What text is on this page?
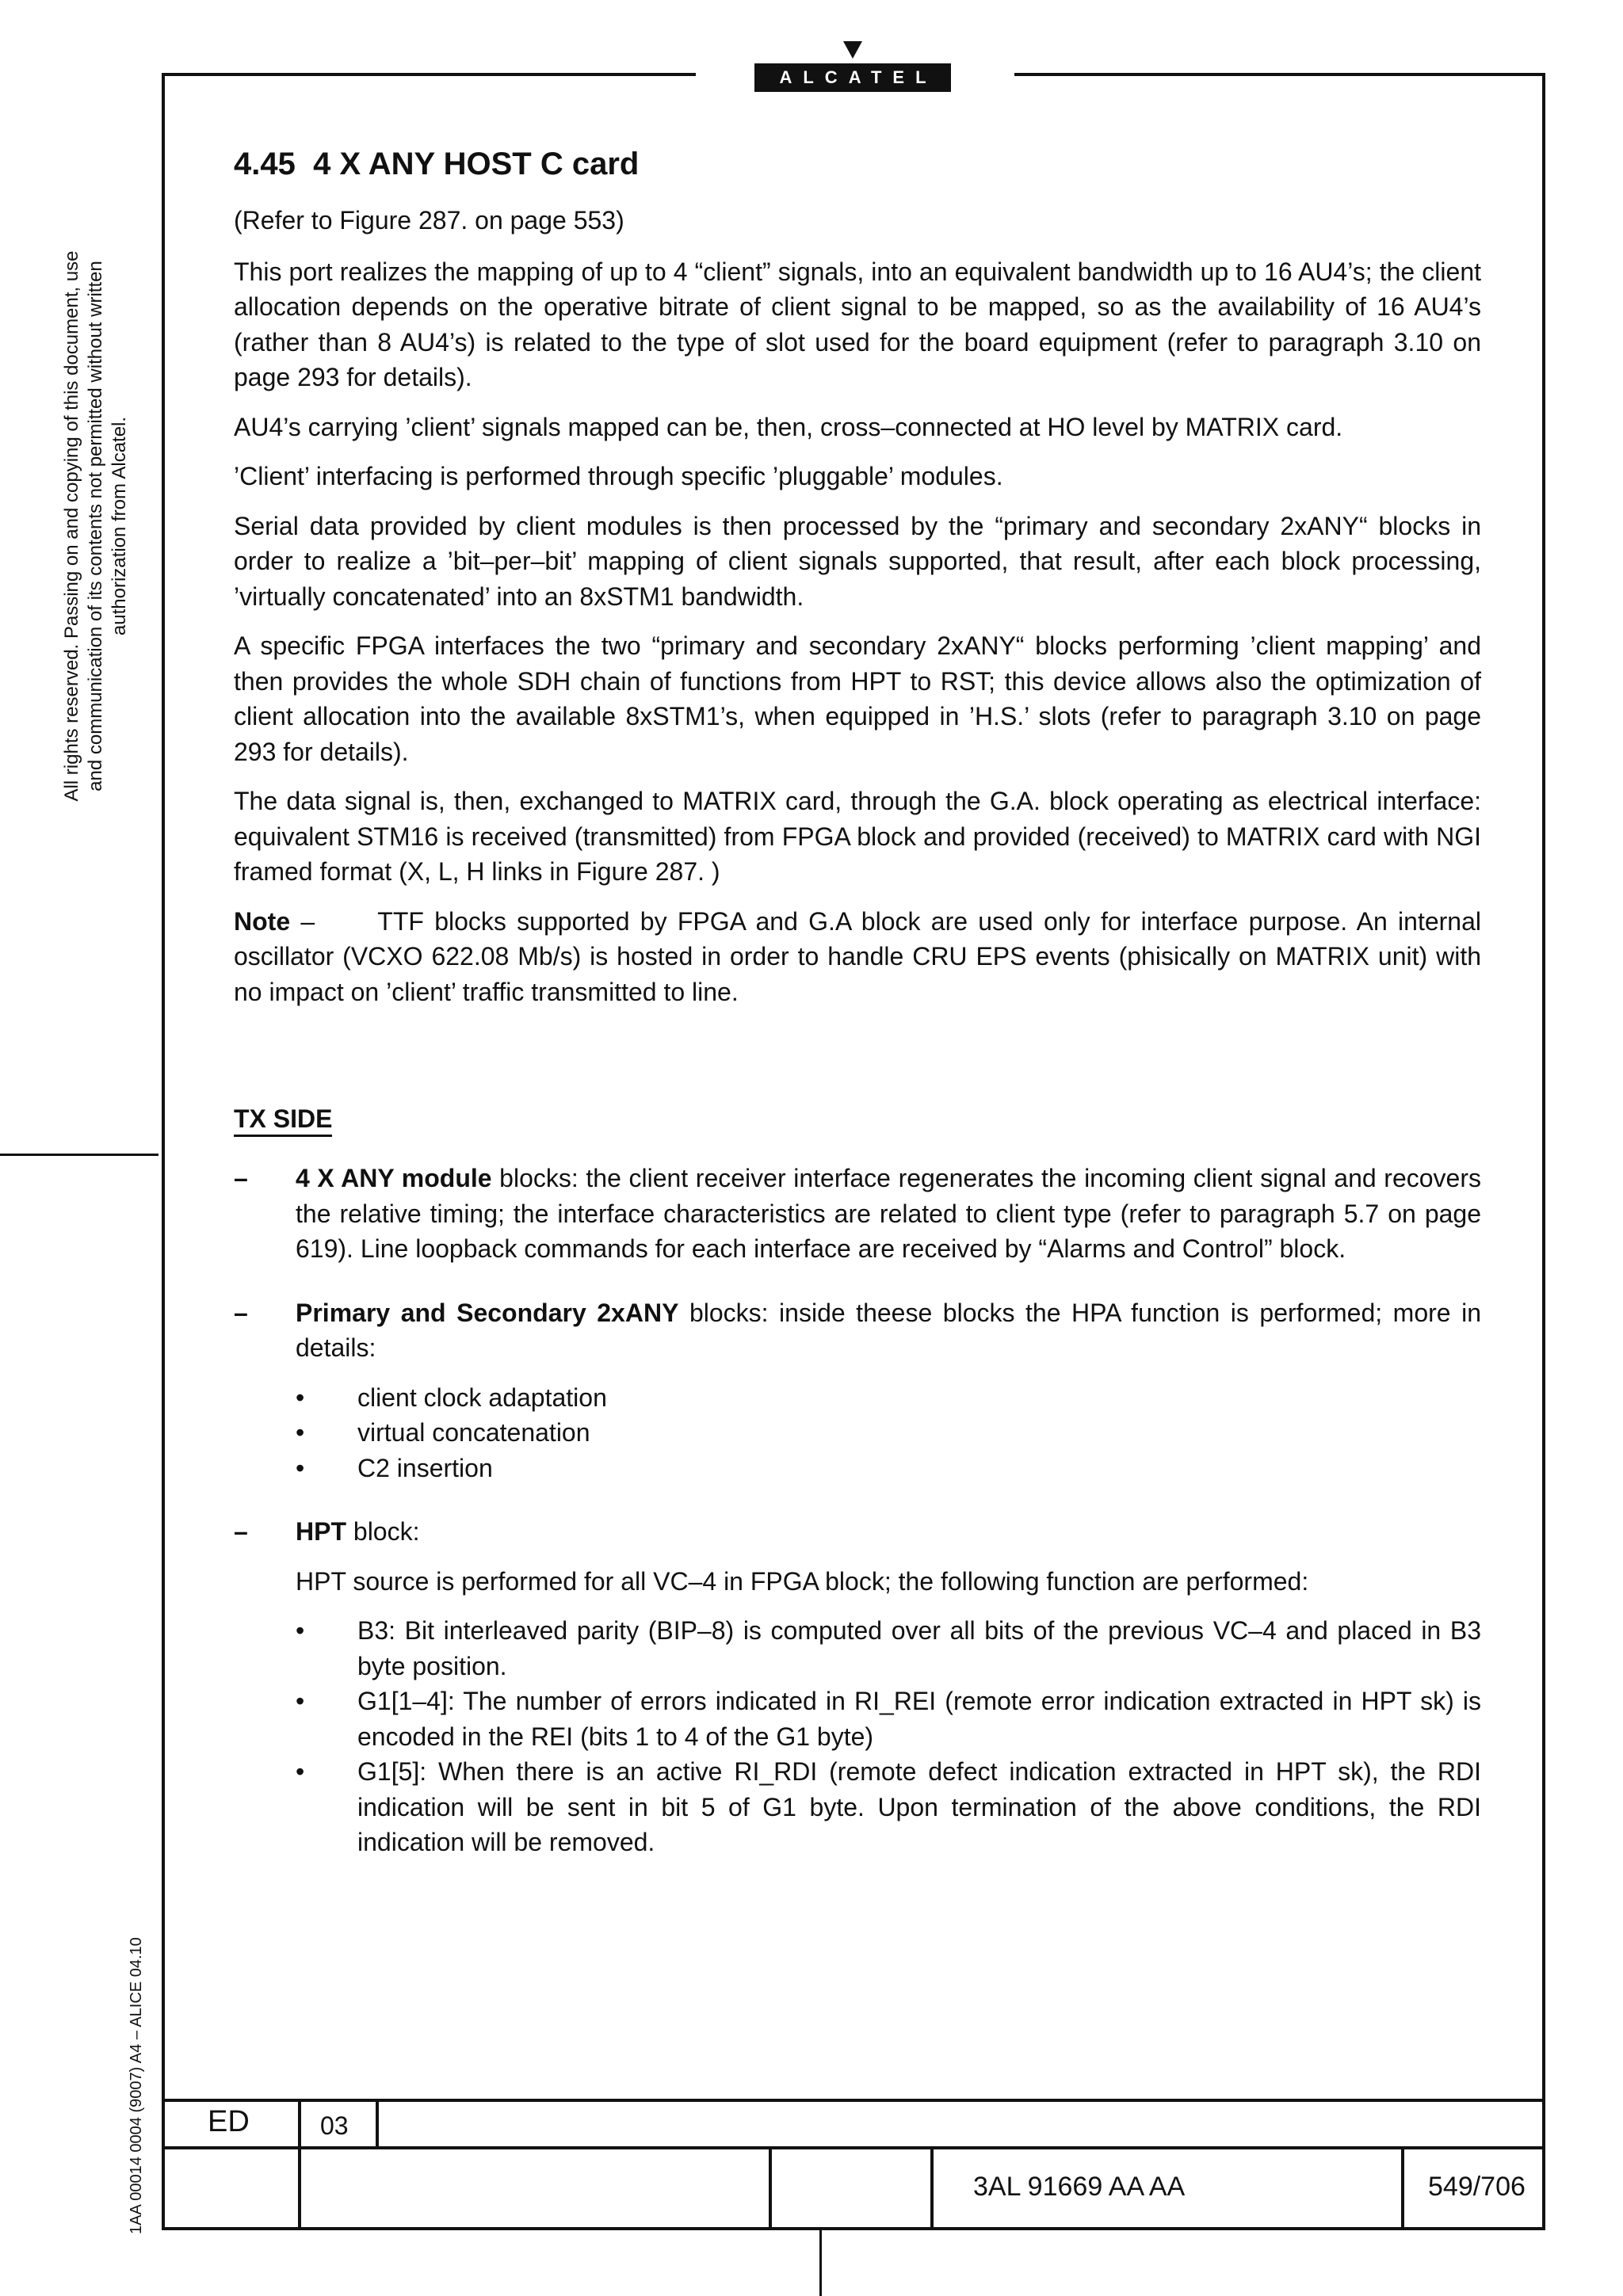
ALCATEL
All rights reserved. Passing on and copying of this document, use and communication of its contents not permitted without written authorization from Alcatel.
1AA 00014 0004 (9007) A4 – ALICE 04.10
4.45 4 X ANY HOST C card

(Refer to Figure 287. on page 553)

This port realizes the mapping of up to 4 “client” signals, into an equivalent bandwidth up to 16 AU4’s; the client allocation depends on the operative bitrate of client signal to be mapped, so as the availability of 16 AU4’s (rather than 8 AU4’s) is related to the type of slot used for the board equipment (refer to paragraph 3.10 on page 293 for details).

AU4’s carrying ’client’ signals mapped can be, then, cross–connected at HO level by MATRIX card.

’Client’ interfacing is performed through specific ’pluggable’ modules.

Serial data provided by client modules is then processed by the “primary and secondary 2xANY“ blocks in order to realize a ’bit–per–bit’ mapping of client signals supported, that result, after each block processing, ’virtually concatenated’ into an 8xSTM1 bandwidth.

A specific FPGA interfaces the two “primary and secondary 2xANY“ blocks performing ’client mapping’ and then provides the whole SDH chain of functions from HPT to RST; this device allows also the optimization of client allocation into the available 8xSTM1’s, when equipped in ’H.S.’ slots (refer to paragraph 3.10 on page 293 for details).

The data signal is, then, exchanged to MATRIX card, through the G.A. block operating as electrical interface: equivalent STM16 is received (transmitted) from FPGA block and provided (received) to MATRIX card with NGI framed format (X, L, H links in Figure 287. )

Note –      TTF blocks supported by FPGA and G.A block are used only for interface purpose. An internal oscillator (VCXO 622.08 Mb/s) is hosted in order to handle CRU EPS events (phisically on MATRIX unit) with no impact on ’client’ traffic transmitted to line.

TX SIDE
–	4 X ANY module blocks: the client receiver interface regenerates the incoming client signal and recovers the relative timing; the interface characteristics are related to client type (refer to paragraph 5.7 on page 619). Line loopback commands for each interface are received by “Alarms and Control” block.

–	Primary and Secondary 2xANY blocks: inside theese blocks the HPA function is performed; more in details:

•	client clock adaptation
•	virtual concatenation
•	C2 insertion
–	HPT block:

HPT source is performed for all VC–4 in FPGA block; the following function are performed:

•	B3: Bit interleaved parity (BIP–8) is computed over all bits of the previous VC–4 and placed in B3 byte position.
•	G1[1–4]: The number of errors indicated in RI_REI (remote error indication extracted in HPT sk) is encoded in the REI (bits 1 to 4 of the G1 byte)
•	G1[5]: When there is an active RI_RDI (remote defect indication extracted in HPT sk), the RDI indication will be sent in bit 5 of G1 byte. Upon termination of the above conditions, the RDI indication will be removed.
ED	03
3AL 91669 AA AA	549/706
